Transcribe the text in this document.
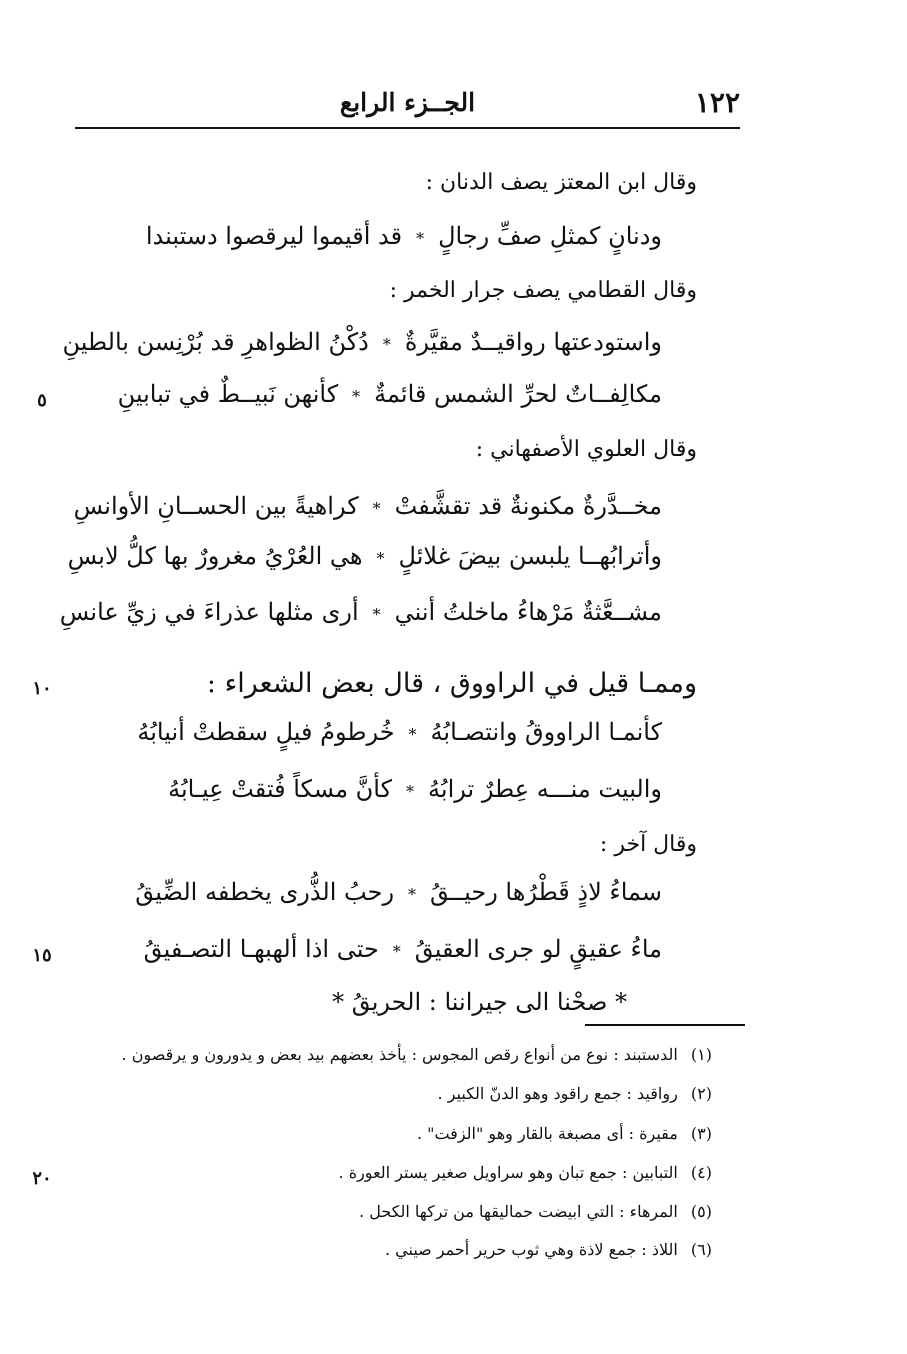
١٢٢
الجــزء الرابع
وقال ابن المعتز يصف الدنان :
ودنانٍ كمثلِ صفِّ رجالٍ
*
قد أقيموا ليرقصوا دستبندا
وقال القطامي يصف جرار الخمر :
واستودعتها رواقيــدٌ مقيَّرةٌ
*
دُكْنُ الظواهرِ قد بُرْنِسن بالطينِ
مكالِفــاتٌ لحرِّ الشمس قائمةٌ
*
كأنهن نَبيــطٌ في تبابينِ
٥
وقال العلوي الأصفهاني :
مخــدَّرةٌ مكنونةٌ قد تقشَّفتْ
*
كراهيةً بين الحســانِ الأوانسِ
وأترابُهــا يلبسن بيضَ غلائلٍ
*
هي العُرْيُ مغرورٌ بها كلُّ لابسِ
مشــعَّثةٌ مَرْهاءُ ماخلتُ أنني
*
أرى مثلها عذراءَ في زيِّ عانسِ
وممـا قيل في الراووق ، قال بعض الشعراء :
١٠
كأنمـا الراووقُ وانتصـابُهُ
*
خُرطومُ فيلٍ سقطتْ أنيابُهُ
والبيت منـــه عِطرٌ ترابُهُ
*
كأنَّ مسكاً فُتقتْ عِيـابُهُ
وقال آخر :
سماءُ لاذٍ قَطْرُها رحيــقُ
*
رحبُ الذُّرى يخطفه الضِّيقُ
ماءُ عقيقٍ لو جرى العقيقُ
*
حتى اذا ألهبهـا التصـفيقُ
١٥
* صحْنا الى جيراننا : الحريقُ *
(١) الدستبند : نوع من أنواع رقص المجوس : يأخذ بعضهم بيد بعض و يدورون و يرقصون .
(٢) رواقيد : جمع راقود وهو الدنّ الكبير .
(٣) مقيرة : أى مصبغة بالقار وهو "الزفت" .
(٤) التبابين : جمع تبان وهو سراويل صغير يستر العورة .
٢٠
(٥) المرهاء : التي ابيضت حماليقها من تركها الكحل .
(٦) اللاذ : جمع لاذة وهي ثوب حرير أحمر صيني .
